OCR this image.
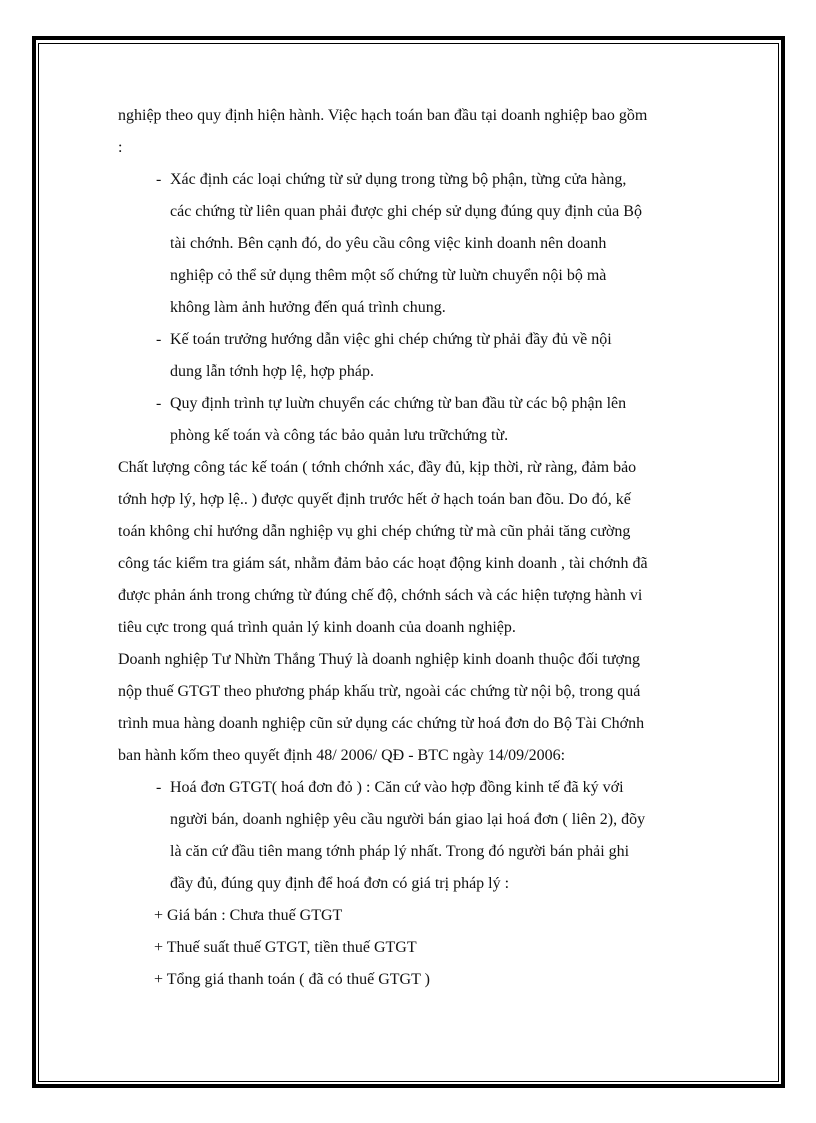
nghiệp theo quy định hiện hành. Việc hạch toán ban đầu tại doanh nghiệp bao gồm
:
- Xác định các loại chứng từ sử dụng trong từng bộ phận, từng cửa hàng,
các chứng từ liên quan phải được ghi chép sử dụng đúng quy định của Bộ
tài chớnh. Bên cạnh đó, do yêu cầu công việc kinh doanh nên doanh
nghiệp cỏ thể sử dụng thêm một số chứng từ luừn chuyển nội bộ mà
không làm ảnh hưởng đến quá trình chung.
- Kế toán trưởng hướng dẫn việc ghi chép chứng từ phải đầy đủ về nội
dung lẫn tớnh hợp lệ, hợp pháp.
- Quy định trình tự luừn chuyển các chứng từ ban đầu từ các bộ phận lên
phòng kế toán và công tác bảo quản lưu trữchứng từ.
Chất lượng công tác kế toán ( tớnh chớnh xác, đầy đủ, kịp thời, rừ ràng, đảm bảo
tớnh hợp lý, hợp lệ.. ) được quyết định trước hết ở hạch toán ban đõu. Do đó, kế
toán không chỉ hướng dẫn nghiệp vụ ghi chép chứng từ mà cũn phải tăng cường
công tác kiểm tra giám sát, nhằm đảm bảo các hoạt động kinh doanh , tài chớnh đã
được phản ánh trong chứng từ đúng chế độ, chớnh sách và các hiện tượng hành vi
tiêu cực trong quá trình quản lý kinh doanh của doanh nghiệp.
Doanh nghiệp Tư Nhừn Thắng Thuý là doanh nghiệp kinh doanh thuộc đối tượng
nộp thuế GTGT theo phương pháp khấu trừ, ngoài các chứng từ nội bộ, trong quá
trình mua hàng doanh nghiệp cũn sử dụng các chứng từ hoá đơn do Bộ Tài Chớnh
ban hành kốm theo quyết định 48/ 2006/ QĐ - BTC ngày 14/09/2006:
- Hoá đơn GTGT( hoá đơn đỏ ) : Căn cứ vào hợp đồng kinh tế đã ký với
người bán, doanh nghiệp yêu cầu người bán giao lại hoá đơn ( liên 2), đõy
là căn cứ đầu tiên mang tớnh pháp lý nhất. Trong đó người bán phải ghi
đầy đủ, đúng quy định để hoá đơn có giá trị pháp lý :
+ Giá bán : Chưa thuế GTGT
+ Thuế suất thuế GTGT, tiền thuế GTGT
+ Tổng giá thanh toán ( đã có thuế GTGT )
